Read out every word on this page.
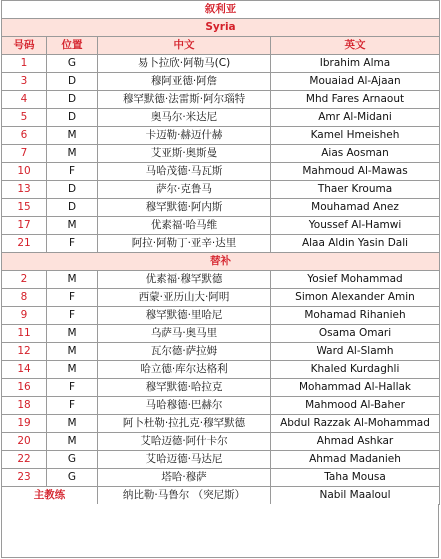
叙利亚			
Syria			
号码	位置	中文	英文
1	G	易卜拉欣·阿勒马(C)	Ibrahim Alma
3	D	穆阿亚德·阿詹	Mouaiad Al-Ajaan
4	D	穆罕默德·法雷斯·阿尔瑙特	Mhd Fares Arnaout
5	D	奥马尔·米达尼	Amr Al-Midani
6	M	卡迈勒·赫迈什赫	Kamel Hmeisheh
7	M	艾亚斯·奥斯曼	Aias Aosman
10	F	马哈茂德·马瓦斯	Mahmoud Al-Mawas
13	D	萨尔·克鲁马	Thaer Krouma
15	D	穆罕默德·阿内斯	Mouhamad Anez
17	M	优素福·哈马维	Youssef Al-Hamwi
21	F	阿拉·阿勒丁·亚辛·达里	Alaa Aldin Yasin Dali
替补			
2	M	优素福·穆罕默德	Yosief Mohammad
8	F	西蒙·亚历山大·阿明	Simon Alexander Amin
9	F	穆罕默德·里哈尼	Mohamad Rihanieh
11	M	乌萨马·奥马里	Osama Omari
12	M	瓦尔德·萨拉姆	Ward Al-Slamh
14	M	哈立德·库尔达格利	Khaled Kurdaghli
16	F	穆罕默德·哈拉克	Mohammad Al-Hallak
18	F	马哈穆德·巴赫尔	Mahmood Al-Baher
19	M	阿卜杜勒·拉扎克·穆罕默德	Abdul Razzak Al-Mohammad
20	M	艾哈迈德·阿什卡尔	Ahmad Ashkar
22	G	艾哈迈德·马达尼	Ahmad Madanieh
23	G	塔哈·穆萨	Taha Mousa
主教练		纳比勒·马鲁尔 （突尼斯）	Nabil Maaloul
